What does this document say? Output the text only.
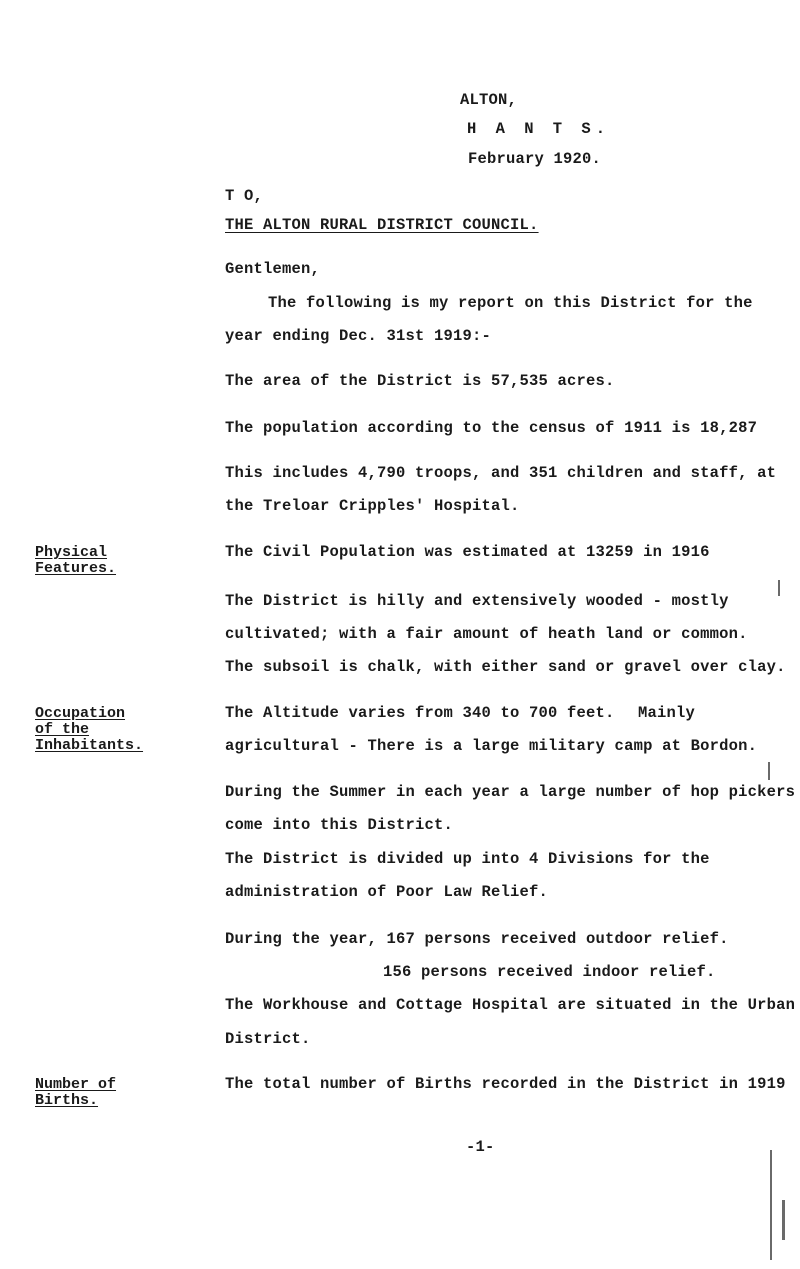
ALTON,
H A N T S.
February 1920.
T O,
THE ALTON RURAL DISTRICT COUNCIL.
Gentlemen,
The following is my report on this District for the
year ending Dec. 31st 1919:-
The area of the District is 57,535 acres.
The population according to the census of 1911 is 18,287
This includes 4,790 troops, and 351 children and staff, at
the Treloar Cripples' Hospital.
Physical
Features.
The Civil Population was estimated at 13259 in 1916
The District is hilly and extensively wooded - mostly
cultivated; with a fair amount of heath land or common.
The subsoil is chalk, with either sand or gravel over clay.
Occupation
of the
Inhabitants.
The Altitude varies from 340 to 700 feet. Mainly
agricultural - There is a large military camp at Bordon.
During the Summer in each year a large number of hop pickers
come into this District.
The District is divided up into 4 Divisions for the
administration of Poor Law Relief.
During the year, 167 persons received outdoor relief.
156 persons received indoor relief.
The Workhouse and Cottage Hospital are situated in the Urban
District.
Number of
Births.
The total number of Births recorded in the District in 1919
-1-
